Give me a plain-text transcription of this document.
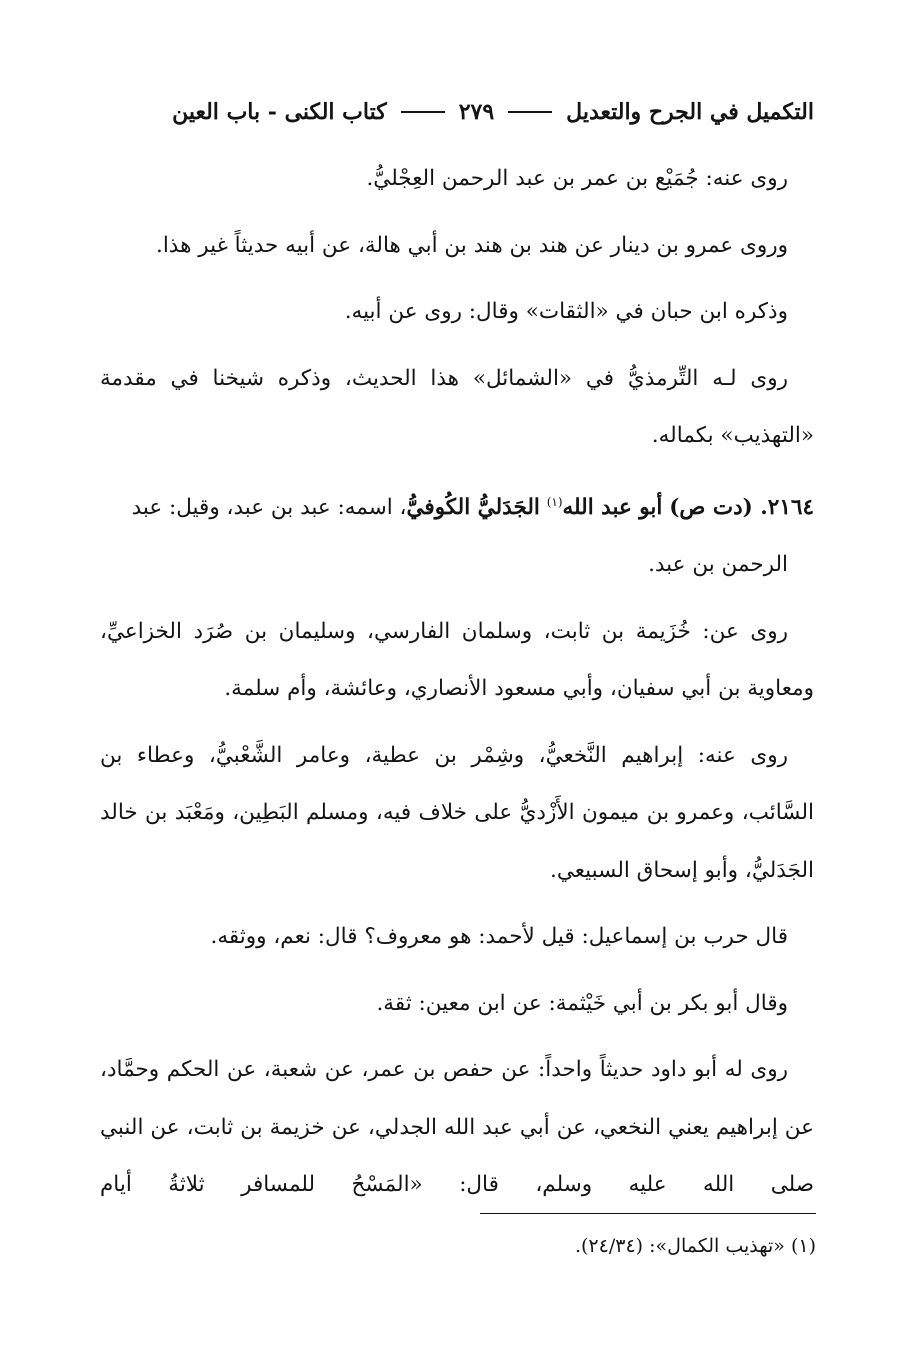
التكميل في الجرح والتعديل
٢٧٩
كتاب الكنى - باب العين

روى عنه: جُمَيْع بن عمر بن عبد الرحمن العِجْليُّ.

وروى عمرو بن دينار عن هند بن هند بن أبي هالة، عن أبيه حديثاً غير هذا.

وذكره ابن حبان في «الثقات» وقال: روى عن أبيه.

روى لـه التِّرمذيُّ في «الشمائل» هذا الحديث، وذكره شيخنا في مقدمة «التهذيب» بكماله.

٢١٦٤. (دت ص) أبو عبد الله$^{(١)}$ الجَدَليُّ الكُوفيُّ، اسمه: عبد بن عبد، وقيل: عبد
الرحمن بن عبد.

روى عن: خُزَيمة بن ثابت، وسلمان الفارسي، وسليمان بن صُرَد الخزاعيِّ، ومعاوية بن أبي سفيان، وأبي مسعود الأنصاري، وعائشة، وأم سلمة.

روى عنه: إبراهيم النَّخعيُّ، وشِمْر بن عطية، وعامر الشَّعْبيُّ، وعطاء بن السَّائب، وعمرو بن ميمون الأَزْديُّ على خلاف فيه، ومسلم البَطِين، ومَعْبَد بن خالد الجَدَليُّ، وأبو إسحاق السبيعي.

قال حرب بن إسماعيل: قيل لأحمد: هو معروف؟ قال: نعم، ووثقه.

وقال أبو بكر بن أبي خَيْثمة: عن ابن معين: ثقة.

روى له أبو داود حديثاً واحداً: عن حفص بن عمر، عن شعبة، عن الحكم وحمَّاد، عن إبراهيم يعني النخعي، عن أبي عبد الله الجدلي، عن خزيمة بن ثابت، عن النبي صلى الله عليه وسلم، قال: «المَسْحُ للمسافر ثلاثةُ أيام

(١) «تهذيب الكمال»: (٢٤/٣٤).
